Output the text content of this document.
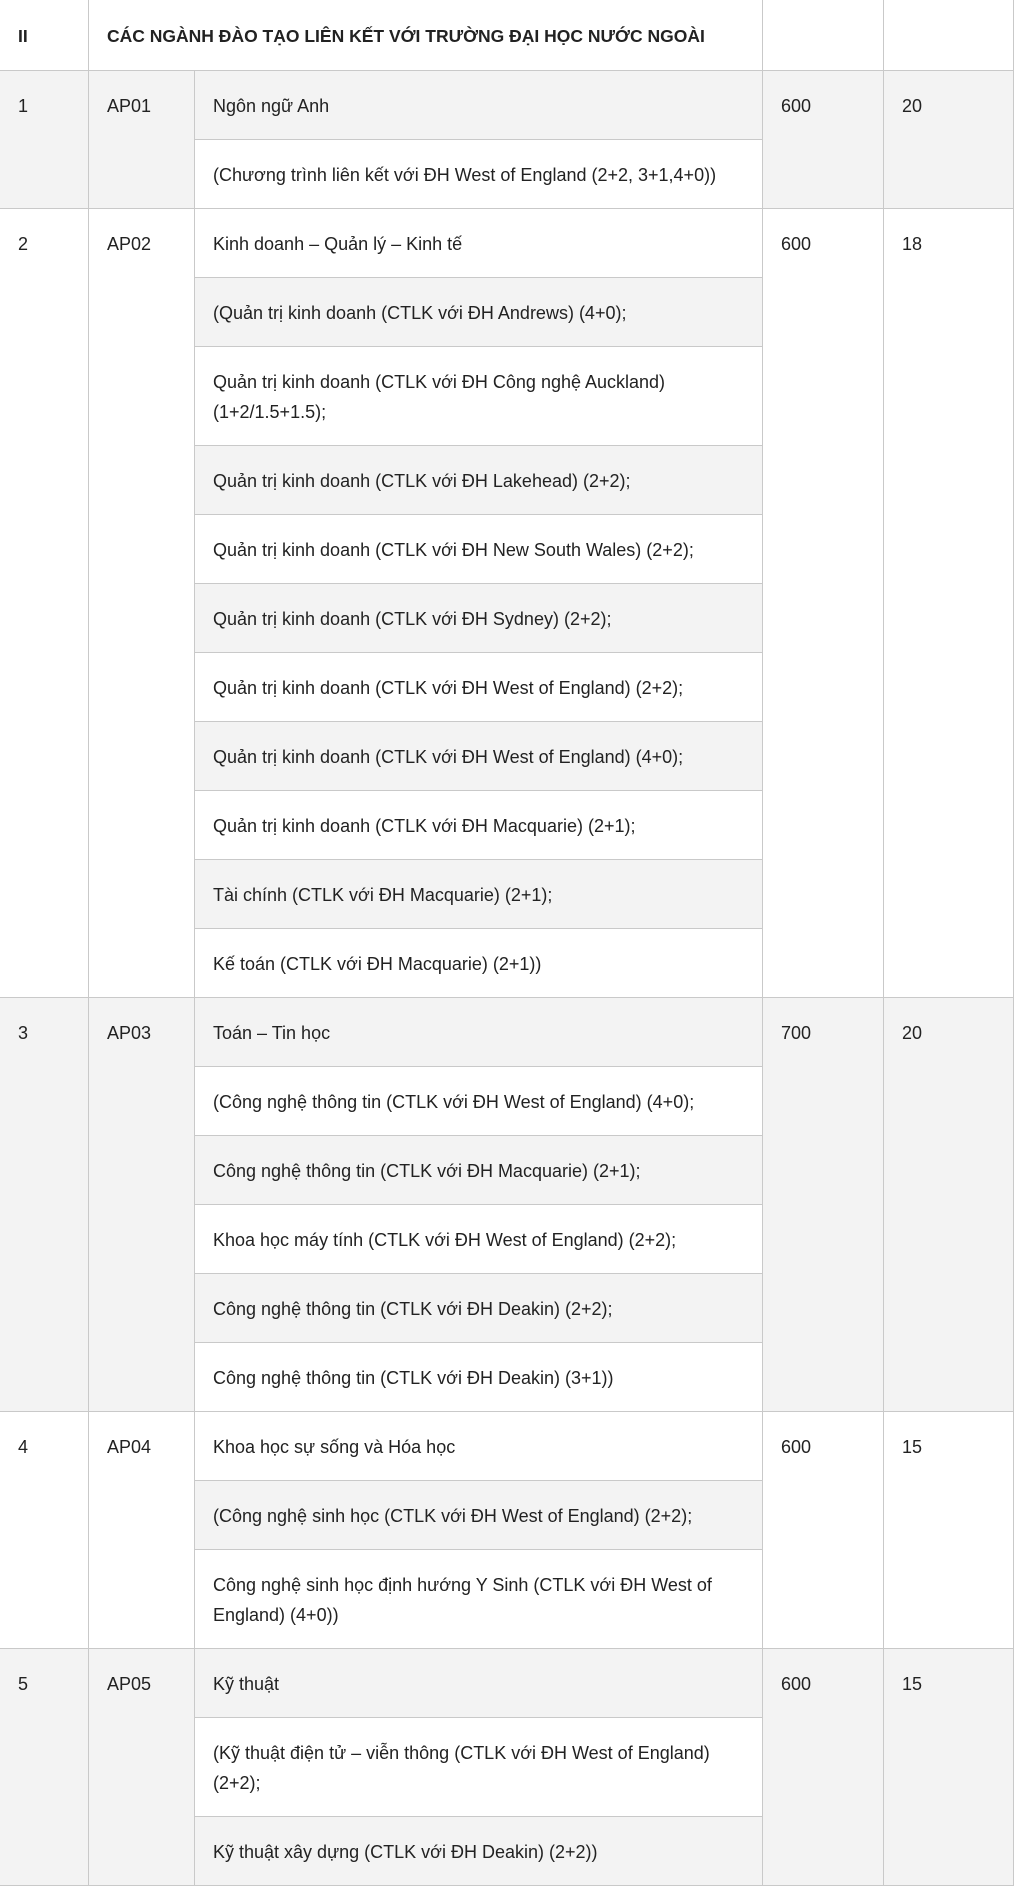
II	CÁC NGÀNH ĐÀO TẠO LIÊN KẾT VỚI TRƯỜNG ĐẠI HỌC NƯỚC NGOÀI			
1	AP01	Ngôn ngữ Anh	600	20
		(Chương trình liên kết với ĐH West of England (2+2, 3+1,4+0))		
2	AP02	Kinh doanh – Quản lý – Kinh tế	600	18
		(Quản trị kinh doanh (CTLK với ĐH Andrews) (4+0);		
		Quản trị kinh doanh (CTLK với ĐH Công nghệ Auckland) (1+2/1.5+1.5);		
		Quản trị kinh doanh (CTLK với ĐH Lakehead) (2+2);		
		Quản trị kinh doanh (CTLK với ĐH New South Wales) (2+2);		
		Quản trị kinh doanh (CTLK với ĐH Sydney) (2+2);		
		Quản trị kinh doanh (CTLK với ĐH West of England) (2+2);		
		Quản trị kinh doanh (CTLK với ĐH West of England) (4+0);		
		Quản trị kinh doanh (CTLK với ĐH Macquarie) (2+1);		
		Tài chính (CTLK với ĐH Macquarie) (2+1);		
		Kế toán (CTLK với ĐH Macquarie) (2+1))		
3	AP03	Toán – Tin học	700	20
		(Công nghệ thông tin (CTLK với ĐH West of England) (4+0);		
		Công nghệ thông tin (CTLK với ĐH Macquarie) (2+1);		
		Khoa học máy tính (CTLK với ĐH West of England) (2+2);		
		Công nghệ thông tin (CTLK với ĐH Deakin) (2+2);		
		Công nghệ thông tin (CTLK với ĐH Deakin) (3+1))		
4	AP04	Khoa học sự sống và Hóa học	600	15
		(Công nghệ sinh học (CTLK với ĐH West of England) (2+2);		
		Công nghệ sinh học định hướng Y Sinh (CTLK với ĐH West of England) (4+0))		
5	AP05	Kỹ thuật	600	15
		(Kỹ thuật điện tử – viễn thông (CTLK với ĐH West of England) (2+2);		
		Kỹ thuật xây dựng (CTLK với ĐH Deakin) (2+2))		
